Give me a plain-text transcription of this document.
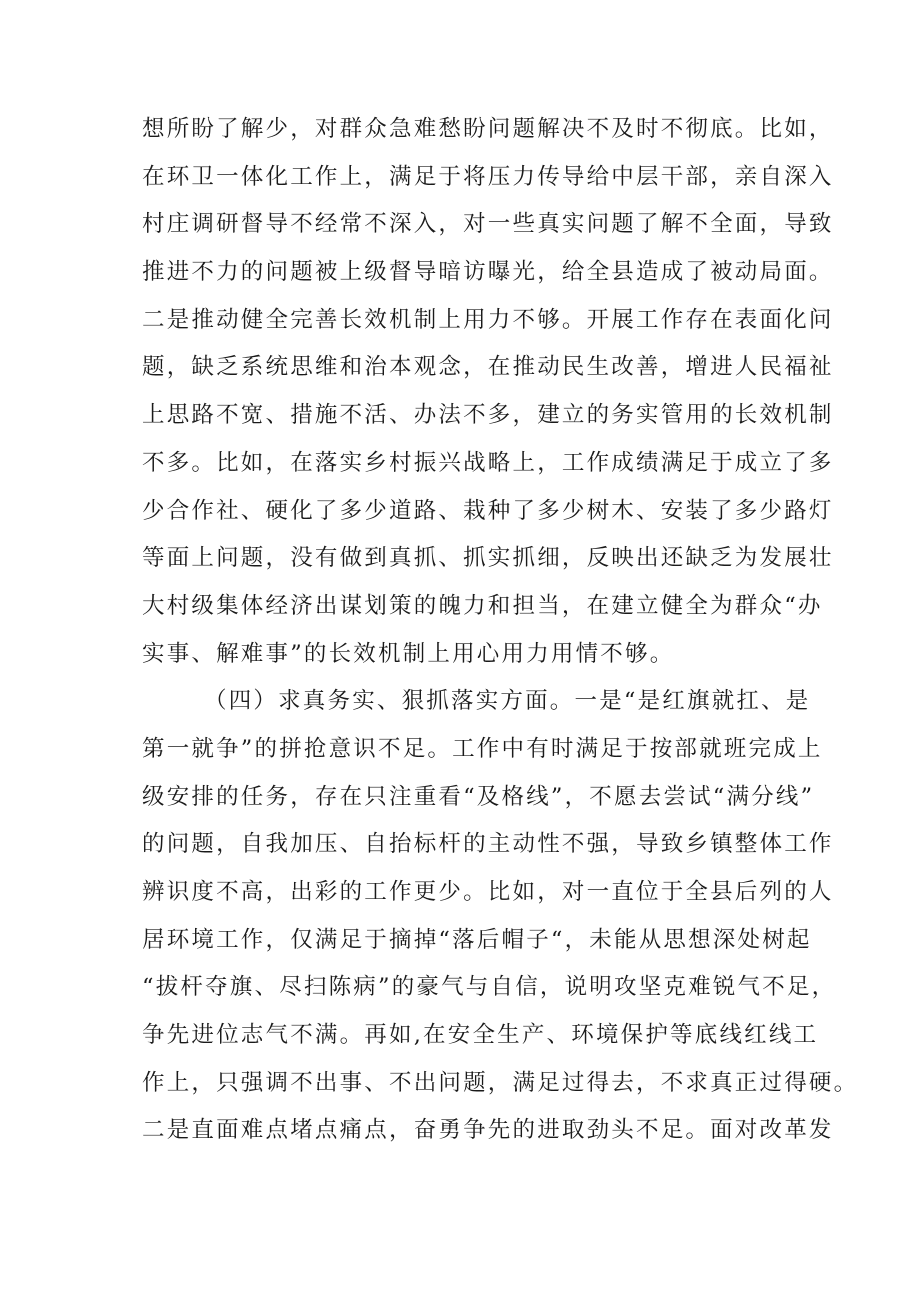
想所盼了解少，对群众急难愁盼问题解决不及时不彻底。比如，
在环卫一体化工作上，满足于将压力传导给中层干部，亲自深入
村庄调研督导不经常不深入，对一些真实问题了解不全面，导致
推进不力的问题被上级督导暗访曝光，给全县造成了被动局面。
二是推动健全完善长效机制上用力不够。开展工作存在表面化问
题，缺乏系统思维和治本观念，在推动民生改善，增进人民福祉
上思路不宽、措施不活、办法不多，建立的务实管用的长效机制
不多。比如，在落实乡村振兴战略上，工作成绩满足于成立了多
少合作社、硬化了多少道路、栽种了多少树木、安装了多少路灯
等面上问题，没有做到真抓、抓实抓细，反映出还缺乏为发展壮
大村级集体经济出谋划策的魄力和担当，在建立健全为群众“办
实事、解难事”的长效机制上用心用力用情不够。
（四）求真务实、狠抓落实方面。一是“是红旗就扛、是
第一就争”的拼抢意识不足。工作中有时满足于按部就班完成上
级安排的任务，存在只注重看“及格线”，不愿去尝试“满分线”
的问题，自我加压、自抬标杆的主动性不强，导致乡镇整体工作
辨识度不高，出彩的工作更少。比如，对一直位于全县后列的人
居环境工作，仅满足于摘掉“落后帽子“，未能从思想深处树起
“拔杆夺旗、尽扫陈病”的豪气与自信，说明攻坚克难锐气不足，
争先进位志气不满。再如,在安全生产、环境保护等底线红线工
作上，只强调不出事、不出问题，满足过得去，不求真正过得硬。
二是直面难点堵点痛点，奋勇争先的进取劲头不足。面对改革发
